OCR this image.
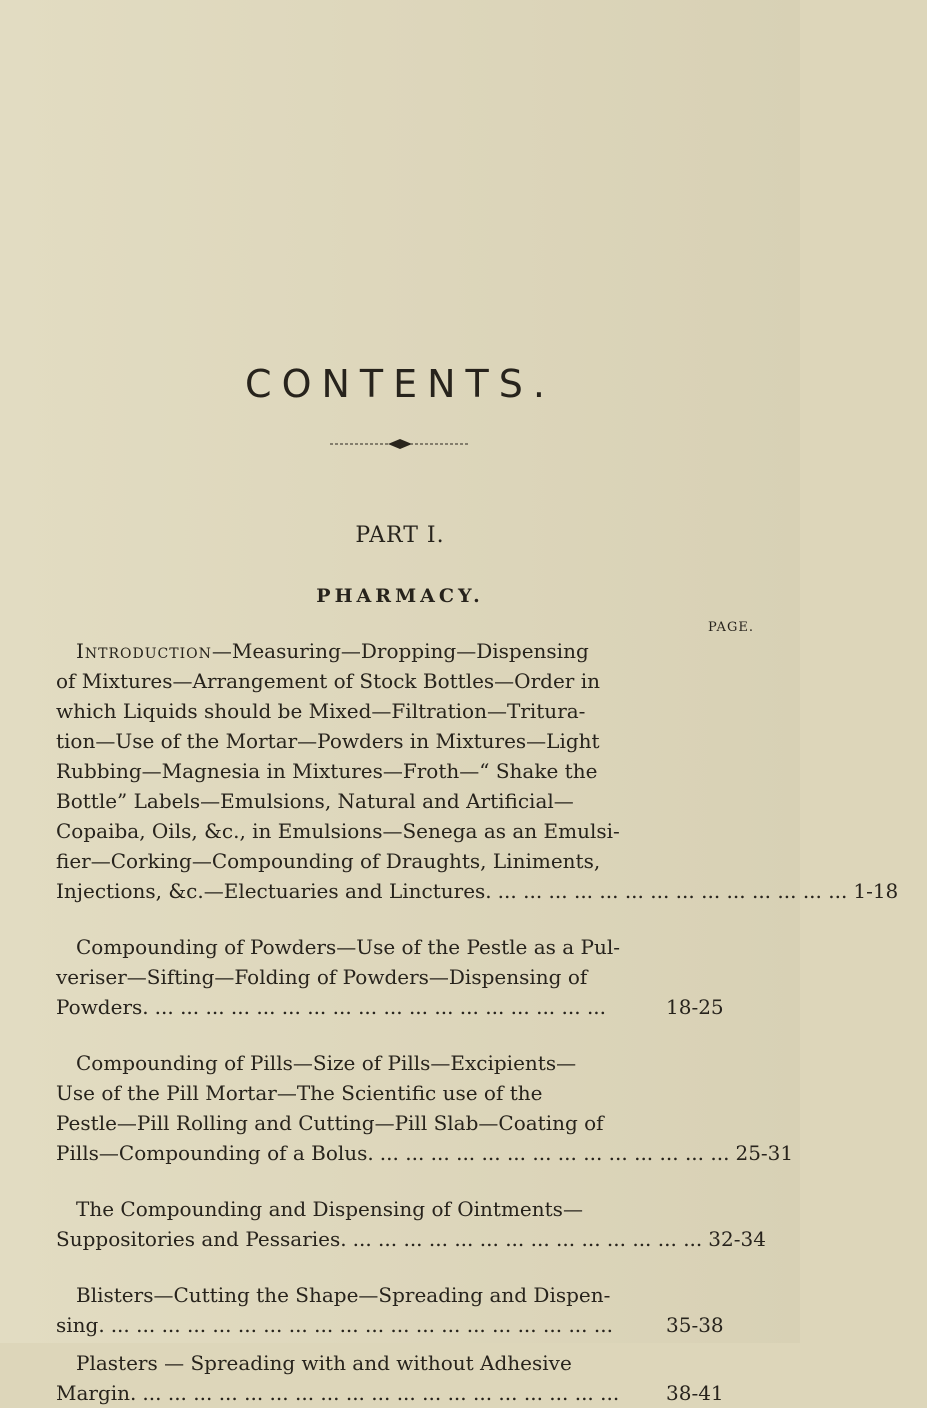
CONTENTS.
PART I.
PHARMACY.
PAGE.
Introduction—Measuring—Dropping—Dispensing
of Mixtures—Arrangement of Stock Bottles—Order in
which Liquids should be Mixed—Filtration—Tritura-
tion—Use of the Mortar—Powders in Mixtures—Light
Rubbing—Magnesia in Mixtures—Froth—“ Shake the
Bottle” Labels—Emulsions, Natural and Artificial—
Copaiba, Oils, &c., in Emulsions—Senega as an Emulsi-
fier—Corking—Compounding of Draughts, Liniments,
Injections, &c.—Electuaries and Linctures. ... ... ... ... ... ... ... ... ... ... ... ... ... ... 1-18
Compounding of Powders—Use of the Pestle as a Pul-
veriser—Sifting—Folding of Powders—Dispensing of
Powders. ... ... ... ... ... ... ... ... ... ... ... ... ... ... ... ... ... ...	18-25
Compounding of Pills—Size of Pills—Excipients—
Use of the Pill Mortar—The Scientific use of the
Pestle—Pill Rolling and Cutting—Pill Slab—Coating of
Pills—Compounding of a Bolus. ... ... ... ... ... ... ... ... ... ... ... ... ... ... 25-31
The Compounding and Dispensing of Ointments—
Suppositories and Pessaries. ... ... ... ... ... ... ... ... ... ... ... ... ... ... 32-34
Blisters—Cutting the Shape—Spreading and Dispen-
sing. ... ... ... ... ... ... ... ... ... ... ... ... ... ... ... ... ... ... ... ...	35-38
Plasters — Spreading with and without Adhesive
Margin. ... ... ... ... ... ... ... ... ... ... ... ... ... ... ... ... ... ... ...	38-41
